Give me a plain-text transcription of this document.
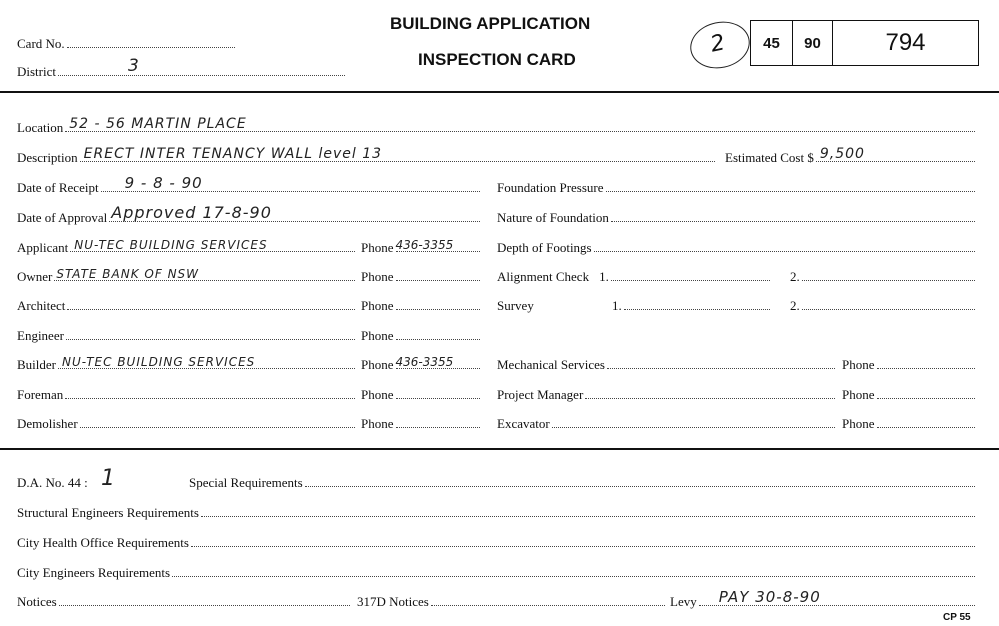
Card No.
District	3
BUILDING APPLICATION
INSPECTION CARD
2	45	90	794
Location 52 - 56 MARTIN PLACE
Description ERECT INTER TENANCY WALL level 13	Estimated Cost $ 9,500
Date of Receipt 9 - 8 - 90
Date of Approval Approved 17-8-90
Applicant NU-TEC BUILDING SERVICES	Phone 436-3355
Owner STATE BANK OF NSW	Phone
Architect	Phone
Engineer	Phone
Builder NU-TEC BUILDING SERVICES	Phone 436-3355
Foreman	Phone
Demolisher	Phone
Foundation Pressure
Nature of Foundation
Depth of Footings
Alignment Check 1.	2.
Survey	1.	2.
Mechanical Services	Phone
Project Manager	Phone
Excavator	Phone
D.A. No. 44 : 1	Special Requirements
Structural Engineers Requirements
City Health Office Requirements
City Engineers Requirements
Notices	317D Notices	Levy PAY 30-8-90
CP 55
